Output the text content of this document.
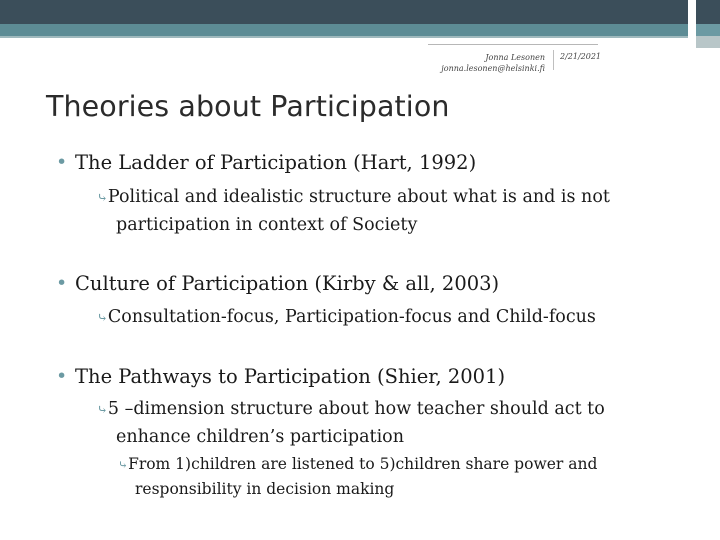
Jonna Lesonen
jonna.lesonen@helsinki.fi
2/21/2021
Theories about Participation
• The Ladder of Participation (Hart, 1992)
⤷Political and idealistic structure about what is and is not
participation in context of Society
• Culture of Participation (Kirby & all, 2003)
⤷Consultation-focus, Participation-focus and Child-focus
• The Pathways to Participation (Shier, 2001)
⤷5 –dimension structure about how teacher should act to
enhance children’s participation
⤷From 1)children are listened to 5)children share power and
responsibility in decision making
